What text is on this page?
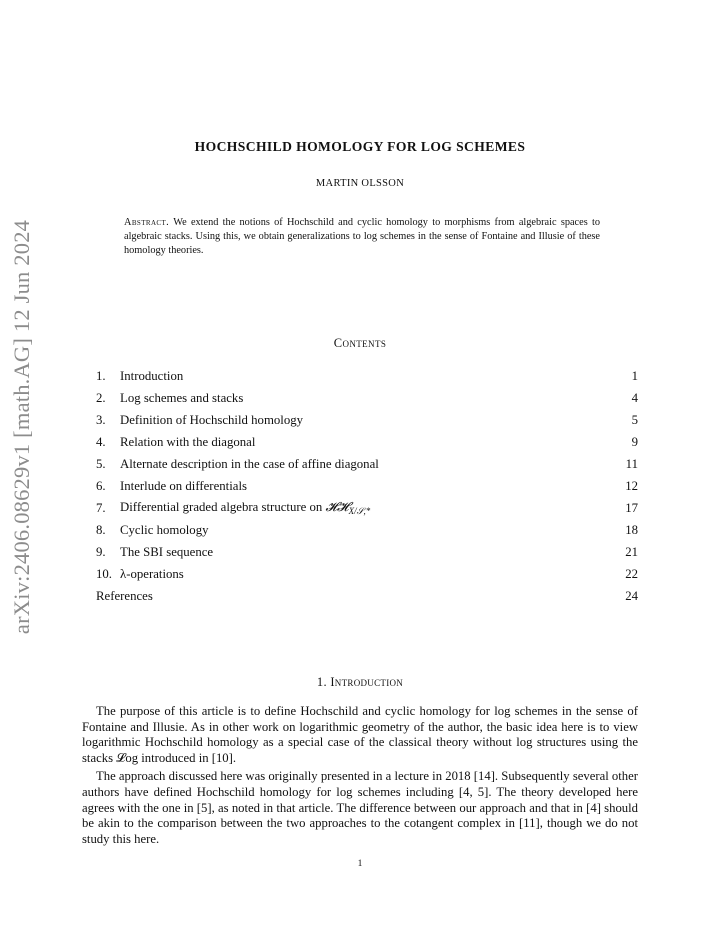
arXiv:2406.08629v1 [math.AG] 12 Jun 2024
HOCHSCHILD HOMOLOGY FOR LOG SCHEMES
MARTIN OLSSON
Abstract. We extend the notions of Hochschild and cyclic homology to morphisms from algebraic spaces to algebraic stacks. Using this, we obtain generalizations to log schemes in the sense of Fontaine and Illusie of these homology theories.
Contents
1.	Introduction	1
2.	Log schemes and stacks	4
3.	Definition of Hochschild homology	5
4.	Relation with the diagonal	9
5.	Alternate description in the case of affine diagonal	11
6.	Interlude on differentials	12
7.	Differential graded algebra structure on 𝓗𝓗$_{X/𝒮,*}$	17
8.	Cyclic homology	18
9.	The SBI sequence	21
10. λ-operations	22
References	24
1. Introduction

The purpose of this article is to define Hochschild and cyclic homology for log schemes in the sense of Fontaine and Illusie. As in other work on logarithmic geometry of the author, the basic idea here is to view logarithmic Hochschild homology as a special case of the classical theory without log structures using the stacks 𝓛og introduced in [10].

The approach discussed here was originally presented in a lecture in 2018 [14]. Subsequently several other authors have defined Hochschild homology for log schemes including [4, 5]. The theory developed here agrees with the one in [5], as noted in that article. The difference between our approach and that in [4] should be akin to the comparison between the two approaches to the cotangent complex in [11], though we do not study this here.

1
